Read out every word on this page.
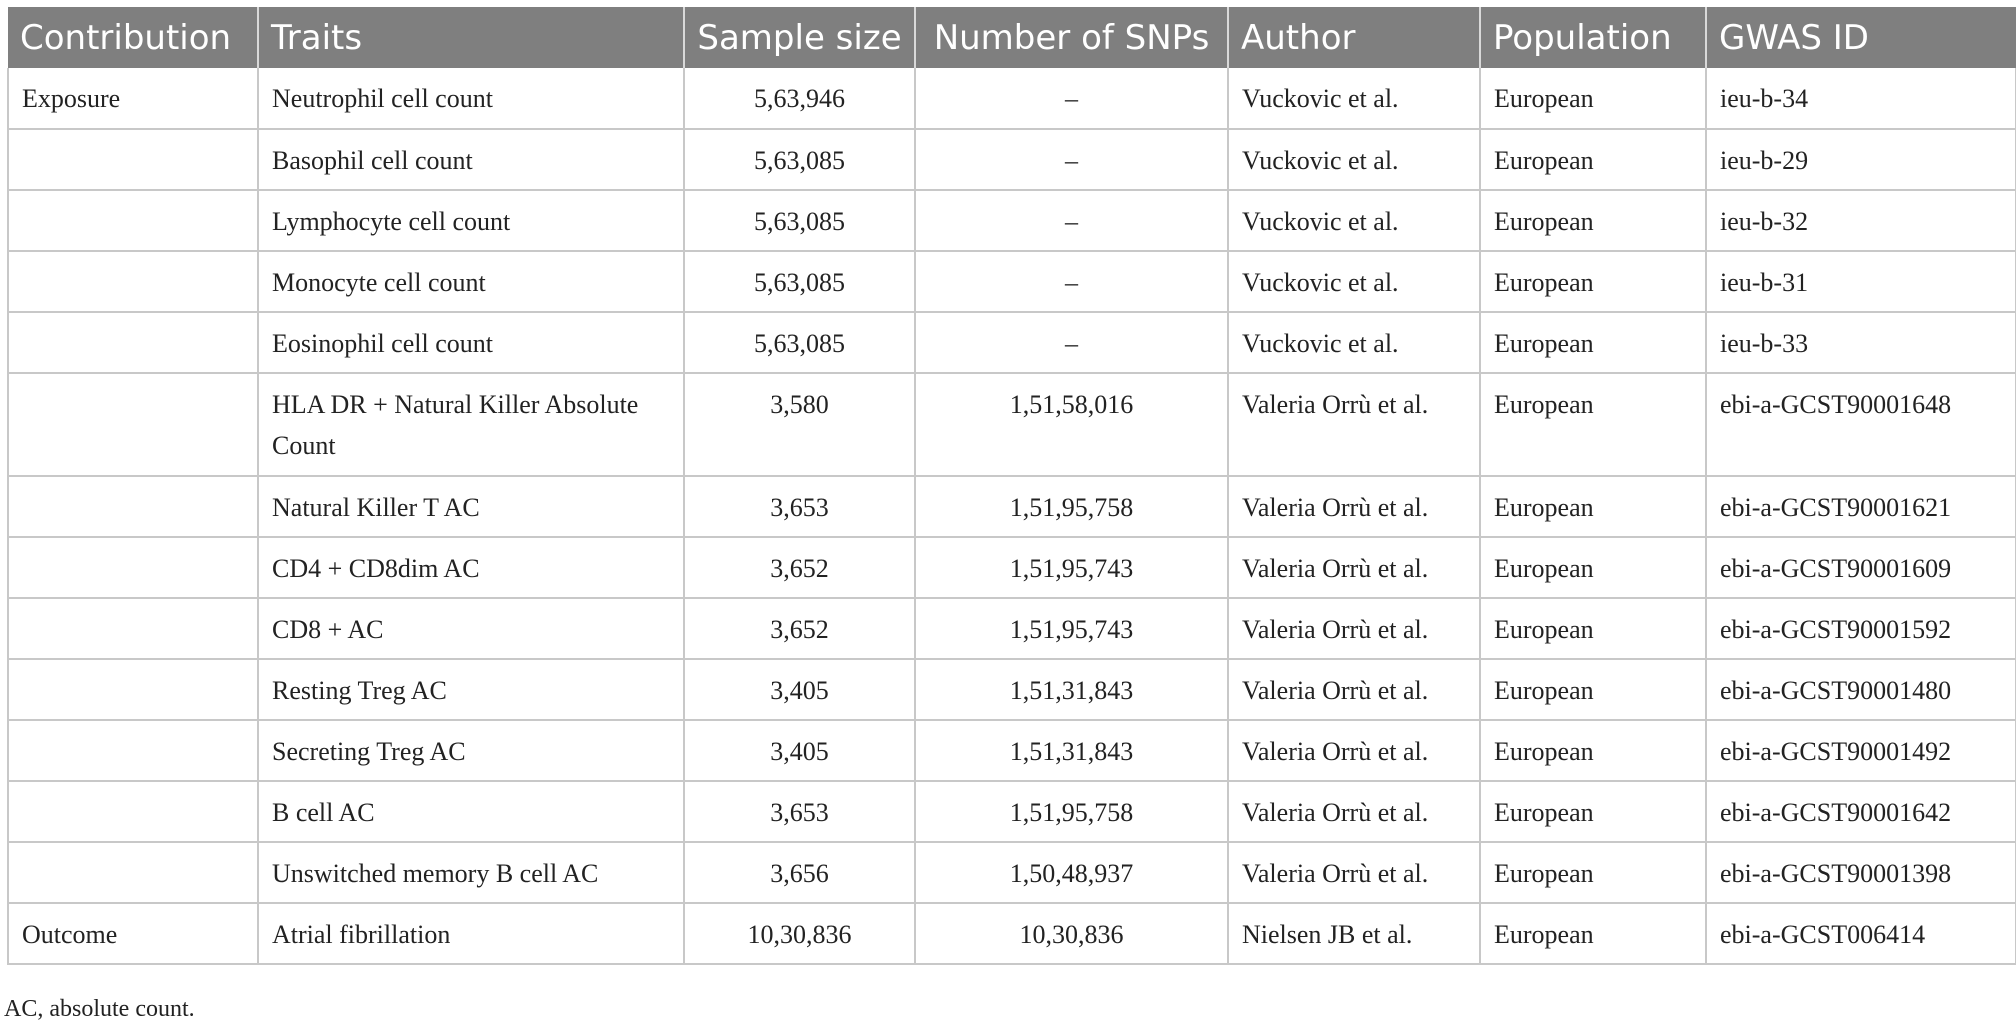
Contribution	Traits	Sample size	Number of SNPs	Author	Population	GWAS ID
Exposure	Neutrophil cell count	5,63,946	–	Vuckovic et al.	European	ieu-b-34
	Basophil cell count	5,63,085	–	Vuckovic et al.	European	ieu-b-29
	Lymphocyte cell count	5,63,085	–	Vuckovic et al.	European	ieu-b-32
	Monocyte cell count	5,63,085	–	Vuckovic et al.	European	ieu-b-31
	Eosinophil cell count	5,63,085	–	Vuckovic et al.	European	ieu-b-33
	HLA DR + Natural Killer Absolute Count	3,580	1,51,58,016	Valeria Orrù et al.	European	ebi-a-GCST90001648
	Natural Killer T AC	3,653	1,51,95,758	Valeria Orrù et al.	European	ebi-a-GCST90001621
	CD4 + CD8dim AC	3,652	1,51,95,743	Valeria Orrù et al.	European	ebi-a-GCST90001609
	CD8 + AC	3,652	1,51,95,743	Valeria Orrù et al.	European	ebi-a-GCST90001592
	Resting Treg AC	3,405	1,51,31,843	Valeria Orrù et al.	European	ebi-a-GCST90001480
	Secreting Treg AC	3,405	1,51,31,843	Valeria Orrù et al.	European	ebi-a-GCST90001492
	B cell AC	3,653	1,51,95,758	Valeria Orrù et al.	European	ebi-a-GCST90001642
	Unswitched memory B cell AC	3,656	1,50,48,937	Valeria Orrù et al.	European	ebi-a-GCST90001398
Outcome	Atrial fibrillation	10,30,836	10,30,836	Nielsen JB et al.	European	ebi-a-GCST006414
AC, absolute count.
